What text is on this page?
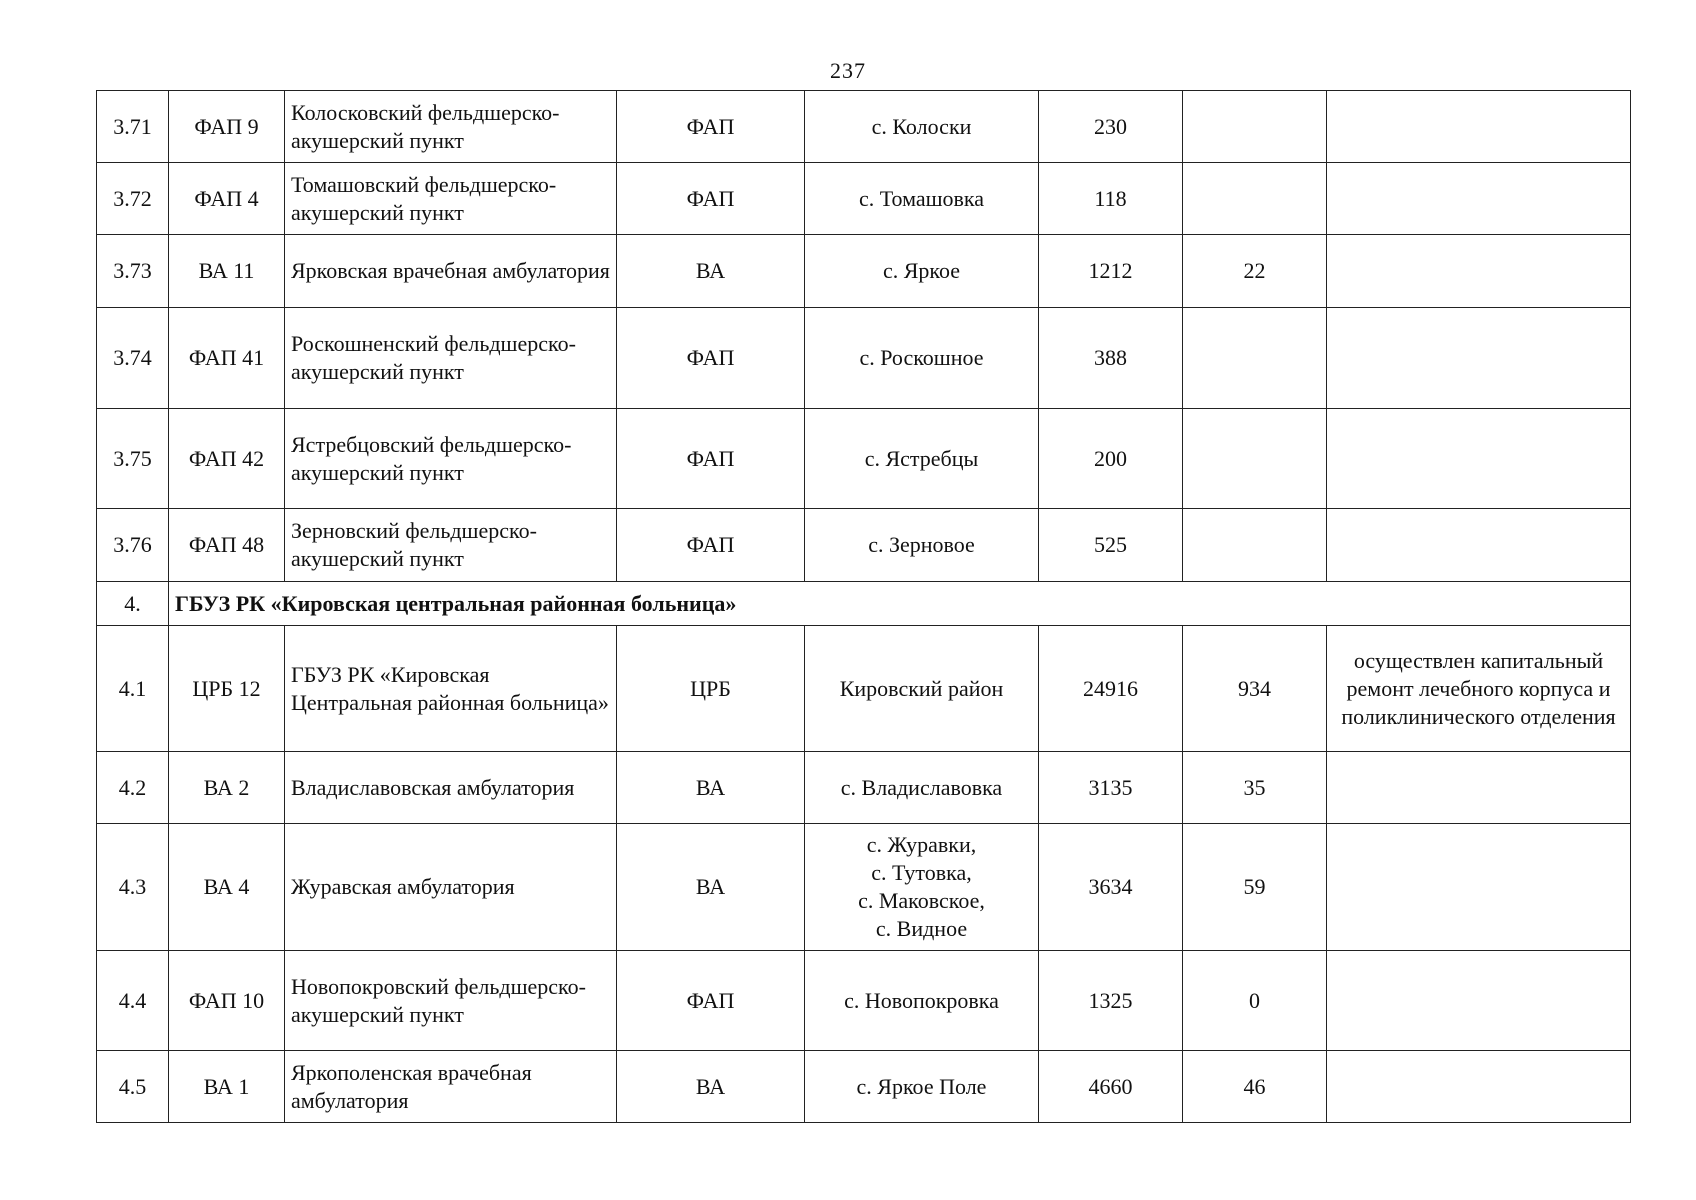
237
3.71	ФАП 9	Колосковский фельдшерско-акушерский пункт	ФАП	с. Колоски	230		
3.72	ФАП 4	Томашовский фельдшерско-акушерский пункт	ФАП	с. Томашовка	118		
3.73	ВА 11	Ярковская врачебная амбулатория	ВА	с. Яркое	1212	22	
3.74	ФАП 41	Роскошненский фельдшерско-акушерский пункт	ФАП	с. Роскошное	388		
3.75	ФАП 42	Ястребцовский фельдшерско-акушерский пункт	ФАП	с. Ястребцы	200		
3.76	ФАП 48	Зерновский фельдшерско-акушерский пункт	ФАП	с. Зерновое	525		
4.	ГБУЗ РК «Кировская центральная районная больница»						
4.1	ЦРБ 12	ГБУЗ РК «Кировская Центральная районная больница»	ЦРБ	Кировский район	24916	934	осуществлен капитальный ремонт лечебного корпуса и поликлинического отделения
4.2	ВА 2	Владиславовская амбулатория	ВА	с. Владиславовка	3135	35	
4.3	ВА 4	Журавская амбулатория	ВА	с. Журавки,
с. Тутовка,
с. Маковское,
с. Видное	3634	59	
4.4	ФАП 10	Новопокровский фельдшерско- акушерский пункт	ФАП	с. Новопокровка	1325	0	
4.5	ВА 1	Яркополенская врачебная амбулатория	ВА	с. Яркое Поле	4660	46	
